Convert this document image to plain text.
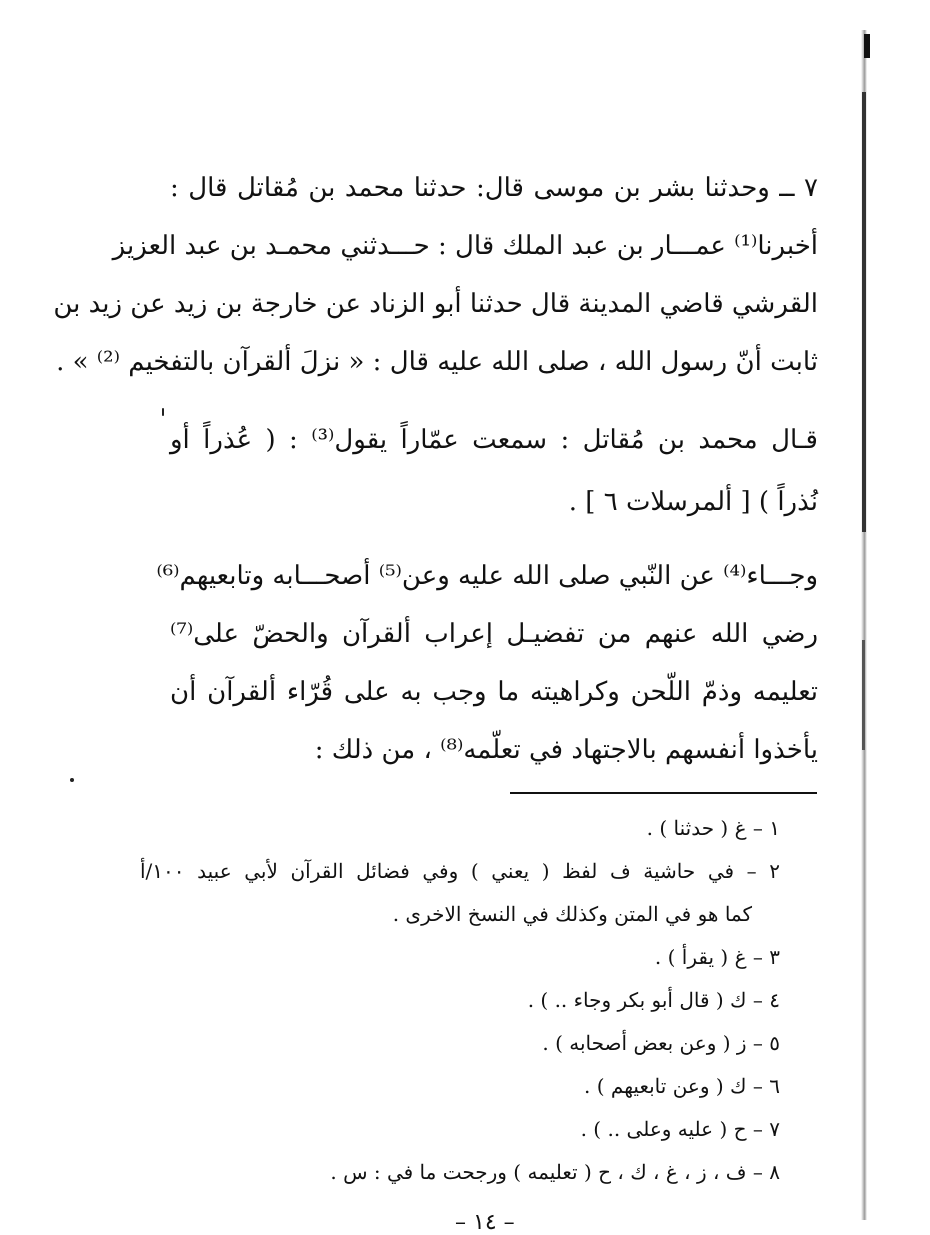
٧ ــ وحدثنا بشر بن موسى قال: حدثنا محمد بن مُقاتل قال :
أخبرنا⁽¹⁾ عمـــار بن عبد الملك قال : حـــدثني محمـد بن عبد العزيز
القرشي قاضي المدينة قال حدثنا أبو الزناد عن خارجة بن زيد عن زيد بن
ثابت أنّ رسول الله ، صلى الله عليه قال : « نزلَ ألقرآن بالتفخيم ⁽²⁾ » .
قـال محمد بن مُقاتل : سمعت عمّاراً يقول⁽³⁾ : ( عُذراً أو
نُذراً ) [ ألمرسلات ٦ ] .
وجـــاء⁽⁴⁾ عن النّبي صلى الله عليه وعن⁽⁵⁾ أصحـــابه وتابعيهم⁽⁶⁾
رضي الله عنهم من تفضيـل إعراب ألقرآن والحضّ على⁽⁷⁾
تعليمه وذمّ اللّحن وكراهيته ما وجب به على قُرّاء ألقرآن أن
يأخذوا أنفسهم بالاجتهاد في تعلّمه⁽⁸⁾ ، من ذلك :
١ – غ ( حدثنا ) .
٢ – في حاشية ف لفظ ( يعني ) وفي فضائل القرآن لأبي عبيد ١٠٠/أ
كما هو في المتن وكذلك في النسخ الاخرى .
٣ – غ ( يقرأ ) .
٤ – ك ( قال أبو بكر وجاء .. ) .
٥ – ز ( وعن بعض أصحابه ) .
٦ – ك ( وعن تابعيهم ) .
٧ – ح ( عليه وعلى .. ) .
٨ – ف ، ز ، غ ، ك ، ح ( تعليمه ) ورجحت ما في : س .
– ١٤ –
